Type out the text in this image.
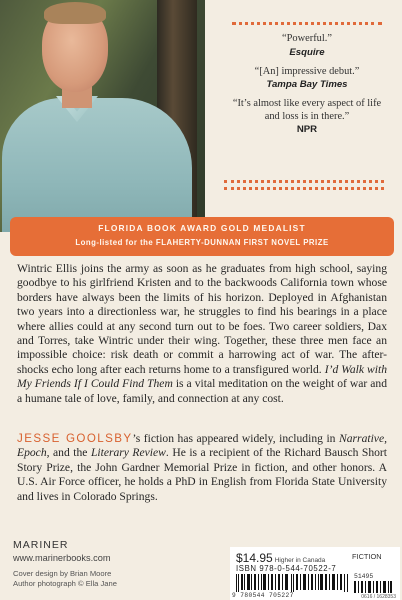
“Powerful.”
Esquire
“[An] impressive debut.”
Tampa Bay Times
“It’s almost like every aspect of life and loss is in there.”
NPR
FLORIDA BOOK AWARD GOLD MEDALIST
Long-listed for the FLAHERTY-DUNNAN FIRST NOVEL PRIZE

Wintric Ellis joins the army as soon as he graduates from high school, saying goodbye to his girlfriend Kristen and to the backwoods California town whose borders have always been the limits of his horizon. Deployed in Afghanistan two years into a directionless war, he struggles to find his bearings in a place where allies could at any second turn out to be foes. Two career soldiers, Dax and Torres, take Wintric under their wing. Together, these three men face an impossible choice: risk death or commit a harrowing act of war. The after-shocks echo long after each returns home to a transfigured world. I’d Walk with My Friends If I Could Find Them is a vital meditation on the weight of war and a humane tale of love, family, and connection at any cost.

JESSE GOOLSBY’s fiction has appeared widely, including in Narrative, Epoch, and the Literary Review. He is a recipient of the Richard Bausch Short Story Prize, the John Gardner Memorial Prize in fiction, and other honors. A U.S. Air Force officer, he holds a PhD in English from Florida State University and lives in Colorado Springs.

MARINER
www.marinerbooks.com
Cover design by Brian Moore
Author photograph © Ella Jane
$14.95 Higher in Canada	FICTION
ISBN 978-0-544-70522-7
51495
9 780544 705227	0616 / 1628353
